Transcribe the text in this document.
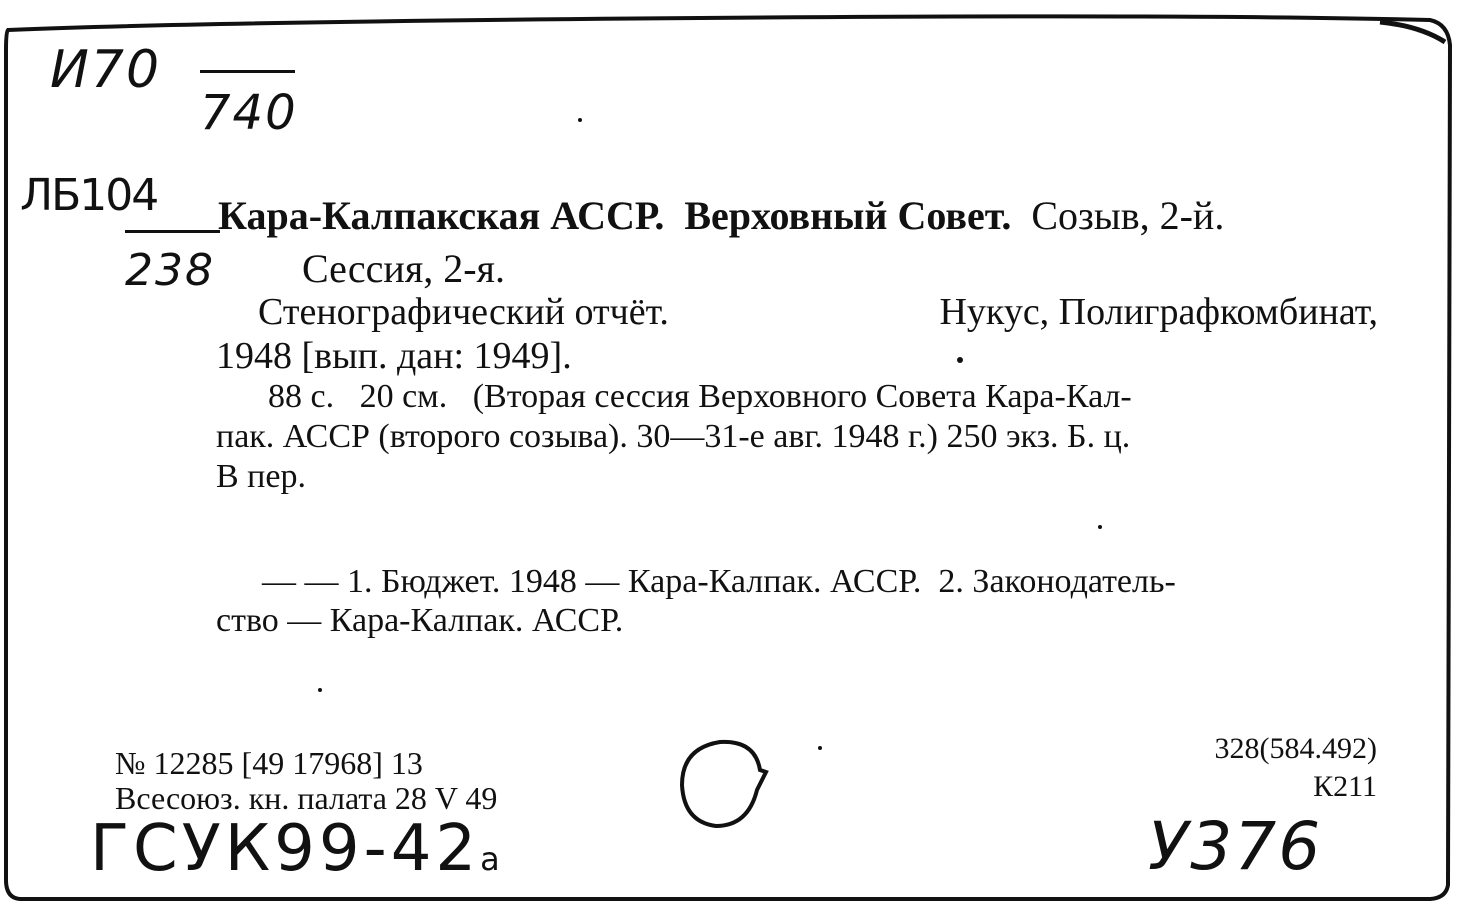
И70
740
ЛБ104
238
Кара-Калпакская АССР. Верховный Совет. Созыв, 2-й.
Сессия, 2-я.
Стенографический отчёт.	Нукус, Полиграфкомбинат,
1948 [вып. дан: 1949].
88 с.   20 см.   (Вторая сессия Верховного Совета Кара-Кал-
пак. АССР (второго созыва). 30—31-е авг. 1948 г.) 250 экз. Б. ц.
В пер.
— — 1. Бюджет. 1948 — Кара-Калпак. АССР.  2. Законодатель-
ство — Кара-Калпак. АССР.
№ 12285 [49 17968] 13
Всесоюз. кн. палата 28 V 49
328(584.492)
К211
ГСУК99-42а	У376
